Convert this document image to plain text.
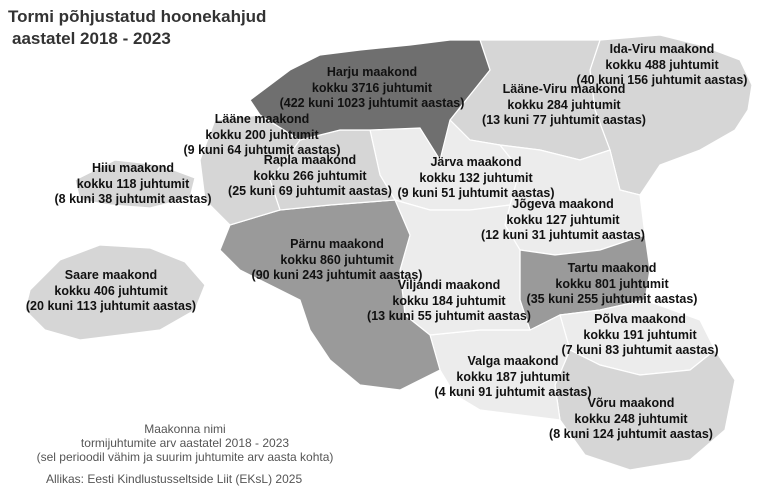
Tormi põhjustatud hoonekahjud
aastatel 2018 - 2023
Harju maakond
kokku 3716 juhtumit
(422 kuni 1023 juhtumit aastas)
Ida-Viru maakond
kokku 488 juhtumit
(40 kuni 156 juhtumit aastas)
Lääne-Viru maakond
kokku 284 juhtumit
(13 kuni 77 juhtumit aastas)
Lääne maakond
kokku 200 juhtumit
(9 kuni 64 juhtumit aastas)
Rapla maakond
kokku 266 juhtumit
(25 kuni 69 juhtumit aastas)
Hiiu maakond
kokku 118 juhtumit
(8 kuni 38 juhtumit aastas)
Järva maakond
kokku 132 juhtumit
(9 kuni 51 juhtumit aastas)
Jõgeva maakond
kokku 127 juhtumit
(12 kuni 31 juhtumit aastas)
Pärnu maakond
kokku 860 juhtumit
(90 kuni 243 juhtumit aastas)
Saare maakond
kokku 406 juhtumit
(20 kuni 113 juhtumit aastas)
Viljandi maakond
kokku 184 juhtumit
(13 kuni 55 juhtumit aastas)
Tartu maakond
kokku 801 juhtumit
(35 kuni 255 juhtumit aastas)
Põlva maakond
kokku 191 juhtumit
(7 kuni 83 juhtumit aastas)
Valga maakond
kokku 187 juhtumit
(4 kuni 91 juhtumit aastas)
Võru maakond
kokku 248 juhtumit
(8 kuni 124 juhtumit aastas)
Maakonna nimi
tormijuhtumite arv aastatel 2018 - 2023
(sel perioodil vähim ja suurim juhtumite arv aasta kohta)
Allikas: Eesti Kindlustusseltside Liit (EKsL) 2025
